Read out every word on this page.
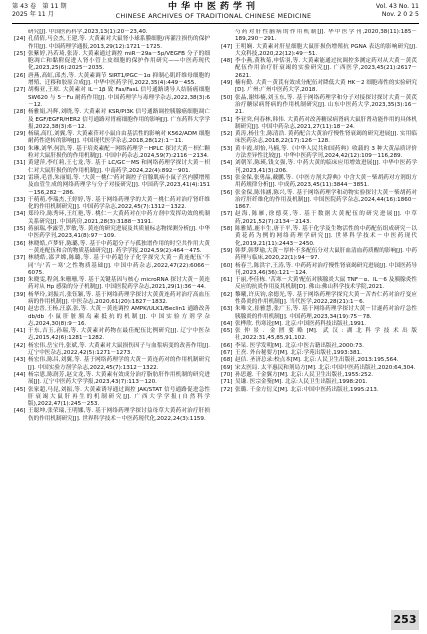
第 43 卷　第 11 期
2025 年 11 月
中华中医药学刊
CHINESE ARCHIVES OF TRADITIONAL CHINESE MEDICINE
Vol. 43 No. 11
Nov. 2 0 2 5

研究[J]. 中国医药科学,2023,13(1):20－23,40.

[24] 孔倩倩,马会杰,王建,等. 大黄素对大鼠肾小球系膜细胞/再灌注损伤的保护作用[J]. 中国药理学通报,2013,29(12):1721－1725.

[25] 张紫婷,冯若琦,张涛. 大黄素通过调控 miR－29a－5p/VEGFB 分子的细胞凋亡和黏附促进人肾小管上皮细胞的保护作用研究——中医药现代化,2023,25(6):2025－2035.

[26] 唐燕,高虹,邱杰,等. 大黄素调节 SIRT1/PGC－1α 抑制心肌纤维母细胞的增殖、迁移和胶原合成[J]. 中华中医药学刊,2022,35(4):449－455.

[27] 胡梅亚,王琼. 大黄素对 IL－1β 致 Fas/FasL 信号通路诱导人结肠癌细胞 SW620 与 5－Fu 耐药作用[J]. 中国药理学与毒理学杂志,2022,38(3):6－12.

[28] 杨雅娟,冯辉,刘晓,等. 大黄素对 KSR/PI3K 信号通路调控胰腺癌细胞凋亡及 EGF/EGFR/HER2 信号通路对胃癌细胞作用的影响[J]. 广东药科大学学报,2022,38(3):6－12.

[29] 杨瑞,高红,刘翼,等. 大黄素苷对小鼠自由基活性的影响对 K562/ADM 细胞耐药性逆转的影响[J]. 中国现代医学杂志,2018,28(12):1－11.

[30] 朱琳,刘华,何浩,等. 基于培炎素配－网络药理学－HPLC 探讨大黄－枳仁颗粒对大鼠肝损伤的作用机制[J]. 中国中药杂志,2024,59(7):2116－2134.

[31] 黄建萍,李红莉,王七龙,等. 基于 LC/GC－MS 和网络药理学探讨大黄－枳仁对大鼠肝损伤的作用机制[J]. 中南药学,2024,22(4):892－901.

[32] 雷瑛,毛晋,朱丽娟,等. '大黄－桃仁'药对调控子宫腺肌病小鼠子宫内膜增殖及血管生成的网络药理学与分子对接研究[J]. 中国药学,2023,41(4):151－156,282－286.

[33] 于萌萌,李瑞杰,王婷婷,等. 基于网络药理学的大黄－桃仁药对治疗肾纤维化的作用机制研究[J]. 中国药学杂志,2022,45(7):1312－1322.

[34] 郑玲玲,陈秀环,王红艳,等. 桃仁－大黄药对在中药方剂中发挥功效的机制关系研究[J]. 中国药房,2021,28(3):3188－3191.

[35] 蒋丽瑞,李露莹,罗敏,等. 黄连的研究进展及其质量标志物探测分析[J]. 中华中医药学刊,2023,41(8):97－109.

[36] 林晓皓,卢梦轩,陈璐,等. 基于中药超分子与孤独谱作用的时空共作用大黄－黄连配伍和合的物质基础研究[J]. 药学学报,2024,59(2):464－475.

[37] 林晓皓,邵尹嫦,陈璐,等. 基于中药超分子化学探究大黄－黄连配伍'不同'与'苦－寒'之性物质基础[J]. 中国中药杂志,2022,47(22):6066－6075.

[38] 朱晓雯,程剑,朱珊珊,等. 基于关键基因与核心 microRNA 探讨大黄－黄连药对从 Hp 感染的分子机制[J]. 中国医院药学杂志,2021,29(1):36－44.

[39] 杨华玲,刘振兴,张钰颖,等. 基于网络药理学探讨大黄黄连药对治疗高血压病的作用机制[J]. 中医杂志,2020,61(20):1827－1832.

[40] 赵忠晋,王杨,汪嘉,张,等. 大黄－黄连调控 AMPK/ULK1/Beclin1 通路改善 db/db 小鼠肝脏胰岛素抵抗的机制[J]. 中国实验方剂学杂志,2024,30(8):9－16.

[41] 于东,吉玉,孙瑞,等. 大黄素对药物在最佳配伍比例研究[J]. 辽宁中医杂志,2015,42(6):1281－1282.

[42] 杨宏伟,岳宝丹,张斌,等. 大黄素对大鼠损伤因子与血浆病变的改善作用[J]. 辽宁中医杂志,2022,42(5):1271－1273.

[43] 杨宏伟,陈昌,刘翼,等. 基于网络药理学的大黄－黄连药对的作用机制研究[J]. 中国实验方剂学杂志,2022,45(7):1312－1322.

[44] 杨宗恩,陈润芳,赵文龙,等. 大黄素有效成分治疗脂肪肝作用机制的研究进展[J]. 辽宁中医药大学学报,2023,43(7):113－120.

[45] 张家超,马昆,刘振,等. 大黄素诱导通过调控 JAK/STAT 信号通路促进急性肝衰竭大鼠肝再生的机制研究[J]. 广西大学学报(自然科学版),2022,47(1):245－253.

[46] 王聪坤,张荣瑞,王明娜,等. 基于网络药理学探讨益母草大黄药对治疗肝损伤的作用机制研究[J]. 世界科学技术－中医药现代化,2022,24(3):1159.

芍药对肝性脑病的作用机制[J]. 华中医学刊,2020,38(11):185－189,290－291.

[47] 王明娴. 大黄素对肝星细胞大鼠肝损伤增殖抗 PGNA 表达的影响研究[J]. 大众科技,2020,22(12):49－51.

[48] 李小燕,黄秋菊,申恬羽,等. 大黄素能通过抗调控多测定药对从大黄－黄芪配伍作用治疗肝衰竭的实验研究[J]. 广西医学,2023,45(21):2617－2621.

[49] 楠有勤. 大黄－黄芪有效成分配伍对降低大黄 HK－2 细胞毒性的实验研究[D]. 广州:广州中医药大学,2018.

[50] 张晶,谢炜楠,刘玉东,等. 基于网络药理学和分子对接探讨探讨大黄－黄芪治疗糖尿病肾病的作用机制研究[J]. 山东中医药大学,2023,35(3):16－21.

[51] 李亚突,何春林,韩伟. 大黄药对改善糖尿病肾病大鼠肝肾功能作用的具体机制研究[J]. 中国中药杂志,2021,27(11):18－24.

[52] 黄涛,杨仕生,陈清浩. 黄药配合大黄治疗慢性肾衰竭的研究进展[J]. 实用临床医药杂志,2018,22(17):126－128.

[53] 黄丰霞,胡怡,马楠,等.《中华人民共和国药典》收载的 3 种大黄品质评价方法差异性比较[J]. 中华中医药学刊,2024,42(12):109－116,289.

[54] 刘朝军,陈瑛,钱文强,等. 中药大黄的临床应用增效进展[J]. 中华中医药学刊,2023,41(3):206.

[55] 张金保,张勇晶,戴鹏,等.《中医方剂大辞典》中含大黄－柴胡药对方剂组方用药规律分析[J]. 中成药,2023,45(11):3844－3851.

[56] 张金保,陈伟涵,陈兴,等. 基于网络药理学和动物实验探讨大黄－柴胡药对治疗肝纤维化的作用及机制[J]. 中国医院药学杂志,2024,44(16):1860－1867.

[57] 赵海,陈雁,徐德莫,等. 基于数据大黄配伍的研究进展[J]. 中草药,2021,52(7):2134－2143.

[58] 陈雅婧,鹿丰生,唐于平,等. 基于化学及生物活性的中药配伍组成研究－以黄花药为例的网络药理学研究[J]. 世界科学技术－中医药现代化,2019,21(11):2443－2450.

[59] 韩梦,韩梦瑜,大黄－厚朴不多配伍分对大鼠肝血清血药质醒的影响[J]. 中药药理与临床,2020,22(1):94－97.

[60] 杨春兰,陈洪宇,王涛,等. 中药药对治疗慢性肾衰竭研究进展[J]. 中国医药导刊,2023,46(36):121－124.

[61] 于丽,李佳栋. '苦寒－大黄'配伍对胰腺炎大鼠 TNF－α、IL－6 及胰腺炎性反应的抗炎作用及其机制[D]. 佛山:佛山科学技术学院,2021.

[62] 黎曦,许庆钧,余德光,等. 基于网络药理学探究大黄－苦杏仁药对治疗变应性鼻炎的作用机制[J]. 当代医学,2022,28(21):1－6.

[63] 朱唯文,崔雅慧,张广玉,等. 基于网络药理学探讨大黄－甘遂药对治疗急性胰腺炎的作用机制[J]. 中国药理,2023,34(19):75－78.

[64] 张桦欣. 伤寒论[M]. 北京:中国医药科技出版社,1991.

[65] 张仲景. 金匮要略[M]. 武汉:湖北科学技术出版社,2022:31,45,85,91,102.

[66] 李杲. 医学发明[M]. 北京:中医古籍出版社,2000:73.

[67] 王焘. 外台秘要方[M]. 北京:学苑出版社,1993:381.

[68] 赵佶. 圣济总录:校点本[M]. 北京:人民卫生出版社,2013:195,564.

[69] 宋太医局. 太平惠民和剂局方[M]. 北京:中国中医药出版社,2020:64,304.

[70] 孙思邈. 千金翼方[M]. 北京:人民卫生出版社,1955:252.

[71] 吴谦. 医宗金鉴[M]. 北京:人民卫生出版社,1998:201.

[72] 张璐. 千金方衍义[M]. 北京:中国中医药出版社,1995:213.

253
